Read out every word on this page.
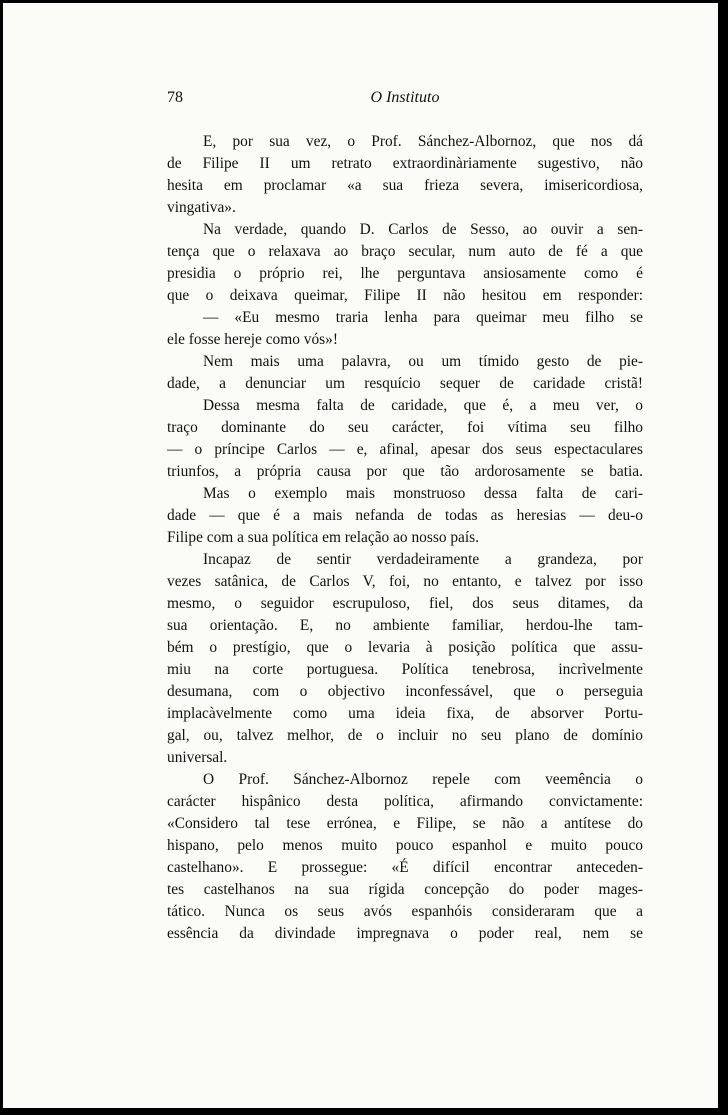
78	O Instituto
E, por sua vez, o Prof. Sánchez-Albornoz, que nos dá
de Filipe II um retrato extraordinàriamente sugestivo, não
hesita em proclamar «a sua frieza severa, imisericordiosa,
vingativa».
Na verdade, quando D. Carlos de Sesso, ao ouvir a sen-
tença que o relaxava ao braço secular, num auto de fé a que
presidia o próprio rei, lhe perguntava ansiosamente como é
que o deixava queimar, Filipe II não hesitou em responder:
— «Eu mesmo traria lenha para queimar meu filho se
ele fosse hereje como vós»!
Nem mais uma palavra, ou um tímido gesto de pie-
dade, a denunciar um resquício sequer de caridade cristã!
Dessa mesma falta de caridade, que é, a meu ver, o
traço dominante do seu carácter, foi vítima seu filho
— o príncipe Carlos — e, afinal, apesar dos seus espectaculares
triunfos, a própria causa por que tão ardorosamente se batia.
Mas o exemplo mais monstruoso dessa falta de cari-
dade — que é a mais nefanda de todas as heresias — deu-o
Filipe com a sua política em relação ao nosso país.
Incapaz de sentir verdadeiramente a grandeza, por
vezes satânica, de Carlos V, foi, no entanto, e talvez por isso
mesmo, o seguidor escrupuloso, fiel, dos seus ditames, da
sua orientação. E, no ambiente familiar, herdou-lhe tam-
bém o prestígio, que o levaria à posição política que assu-
miu na corte portuguesa. Política tenebrosa, incrìvelmente
desumana, com o objectivo inconfessável, que o perseguia
implacàvelmente como uma ideia fixa, de absorver Portu-
gal, ou, talvez melhor, de o incluir no seu plano de domínio
universal.
O Prof. Sánchez-Albornoz repele com veemência o
carácter hispânico desta política, afirmando convictamente:
«Considero tal tese errónea, e Filipe, se não a antítese do
hispano, pelo menos muito pouco espanhol e muito pouco
castelhano». E prossegue: «É difícil encontrar anteceden-
tes castelhanos na sua rígida concepção do poder mages-
tático. Nunca os seus avós espanhóis consideraram que a
essência da divindade impregnava o poder real, nem se
